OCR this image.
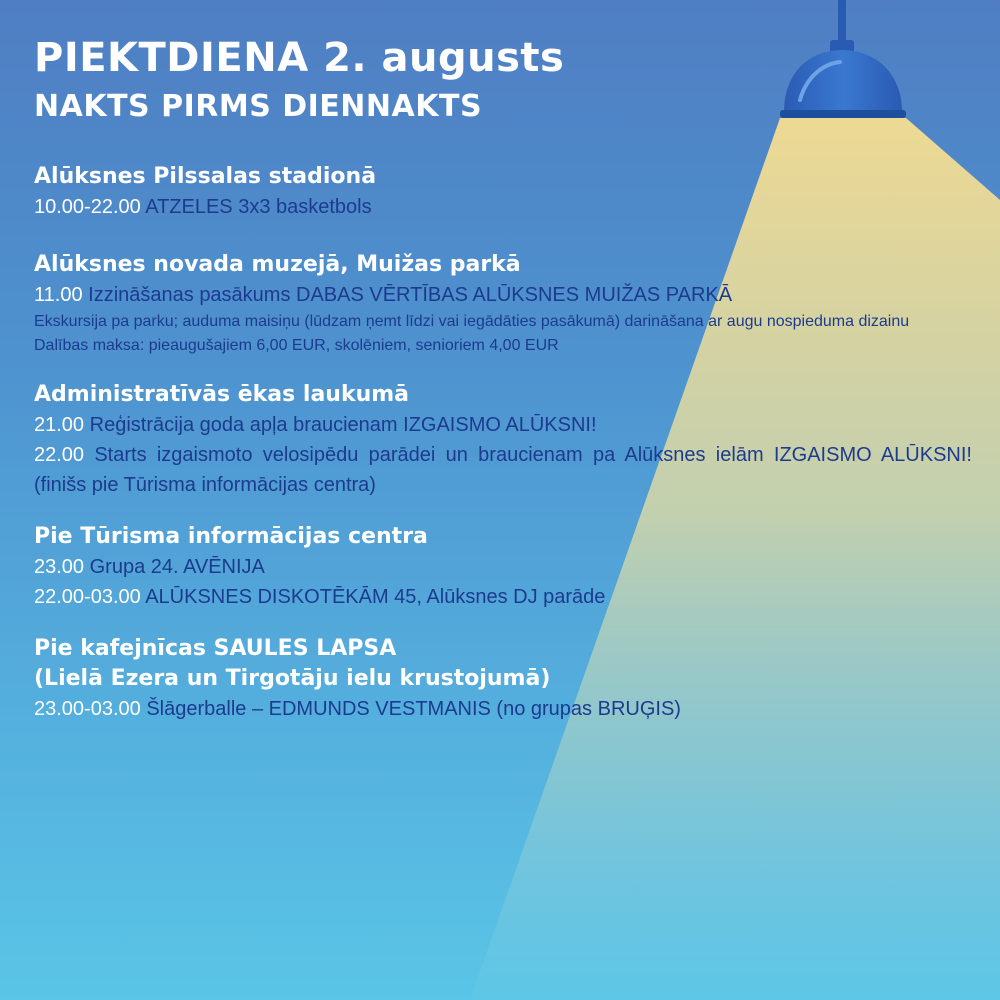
PIEKTDIENA 2. augusts
NAKTS PIRMS DIENNAKTS
Alūksnes Pilssalas stadionā
10.00-22.00 ATZELES 3x3 basketbols
Alūksnes novada muzejā, Muižas parkā
11.00 Izzināšanas pasākums DABAS VĒRTĪBAS ALŪKSNES MUIŽAS PARKĀ
Ekskursija pa parku; auduma maisiņu (lūdzam ņemt līdzi vai iegādāties pasākumā) darināšana ar augu nospieduma dizainu
Dalības maksa: pieaugušajiem 6,00 EUR, skolēniem, senioriem 4,00 EUR
Administratīvās ēkas laukumā
21.00 Reģistrācija goda apļa braucienam IZGAISMO ALŪKSNI!
22.00 Starts izgaismoto velosipēdu parādei un braucienam pa Alūksnes ielām IZGAISMO ALŪKSNI! (finišs pie Tūrisma informācijas centra)
Pie Tūrisma informācijas centra
23.00 Grupa 24. AVĒNIJA
22.00-03.00 ALŪKSNES DISKOTĒKĀM 45, Alūksnes DJ parāde
Pie kafejnīcas SAULES LAPSA
(Lielā Ezera un Tirgotāju ielu krustojumā)
23.00-03.00 Šlāgerballe – EDMUNDS VESTMANIS (no grupas BRUĢIS)
